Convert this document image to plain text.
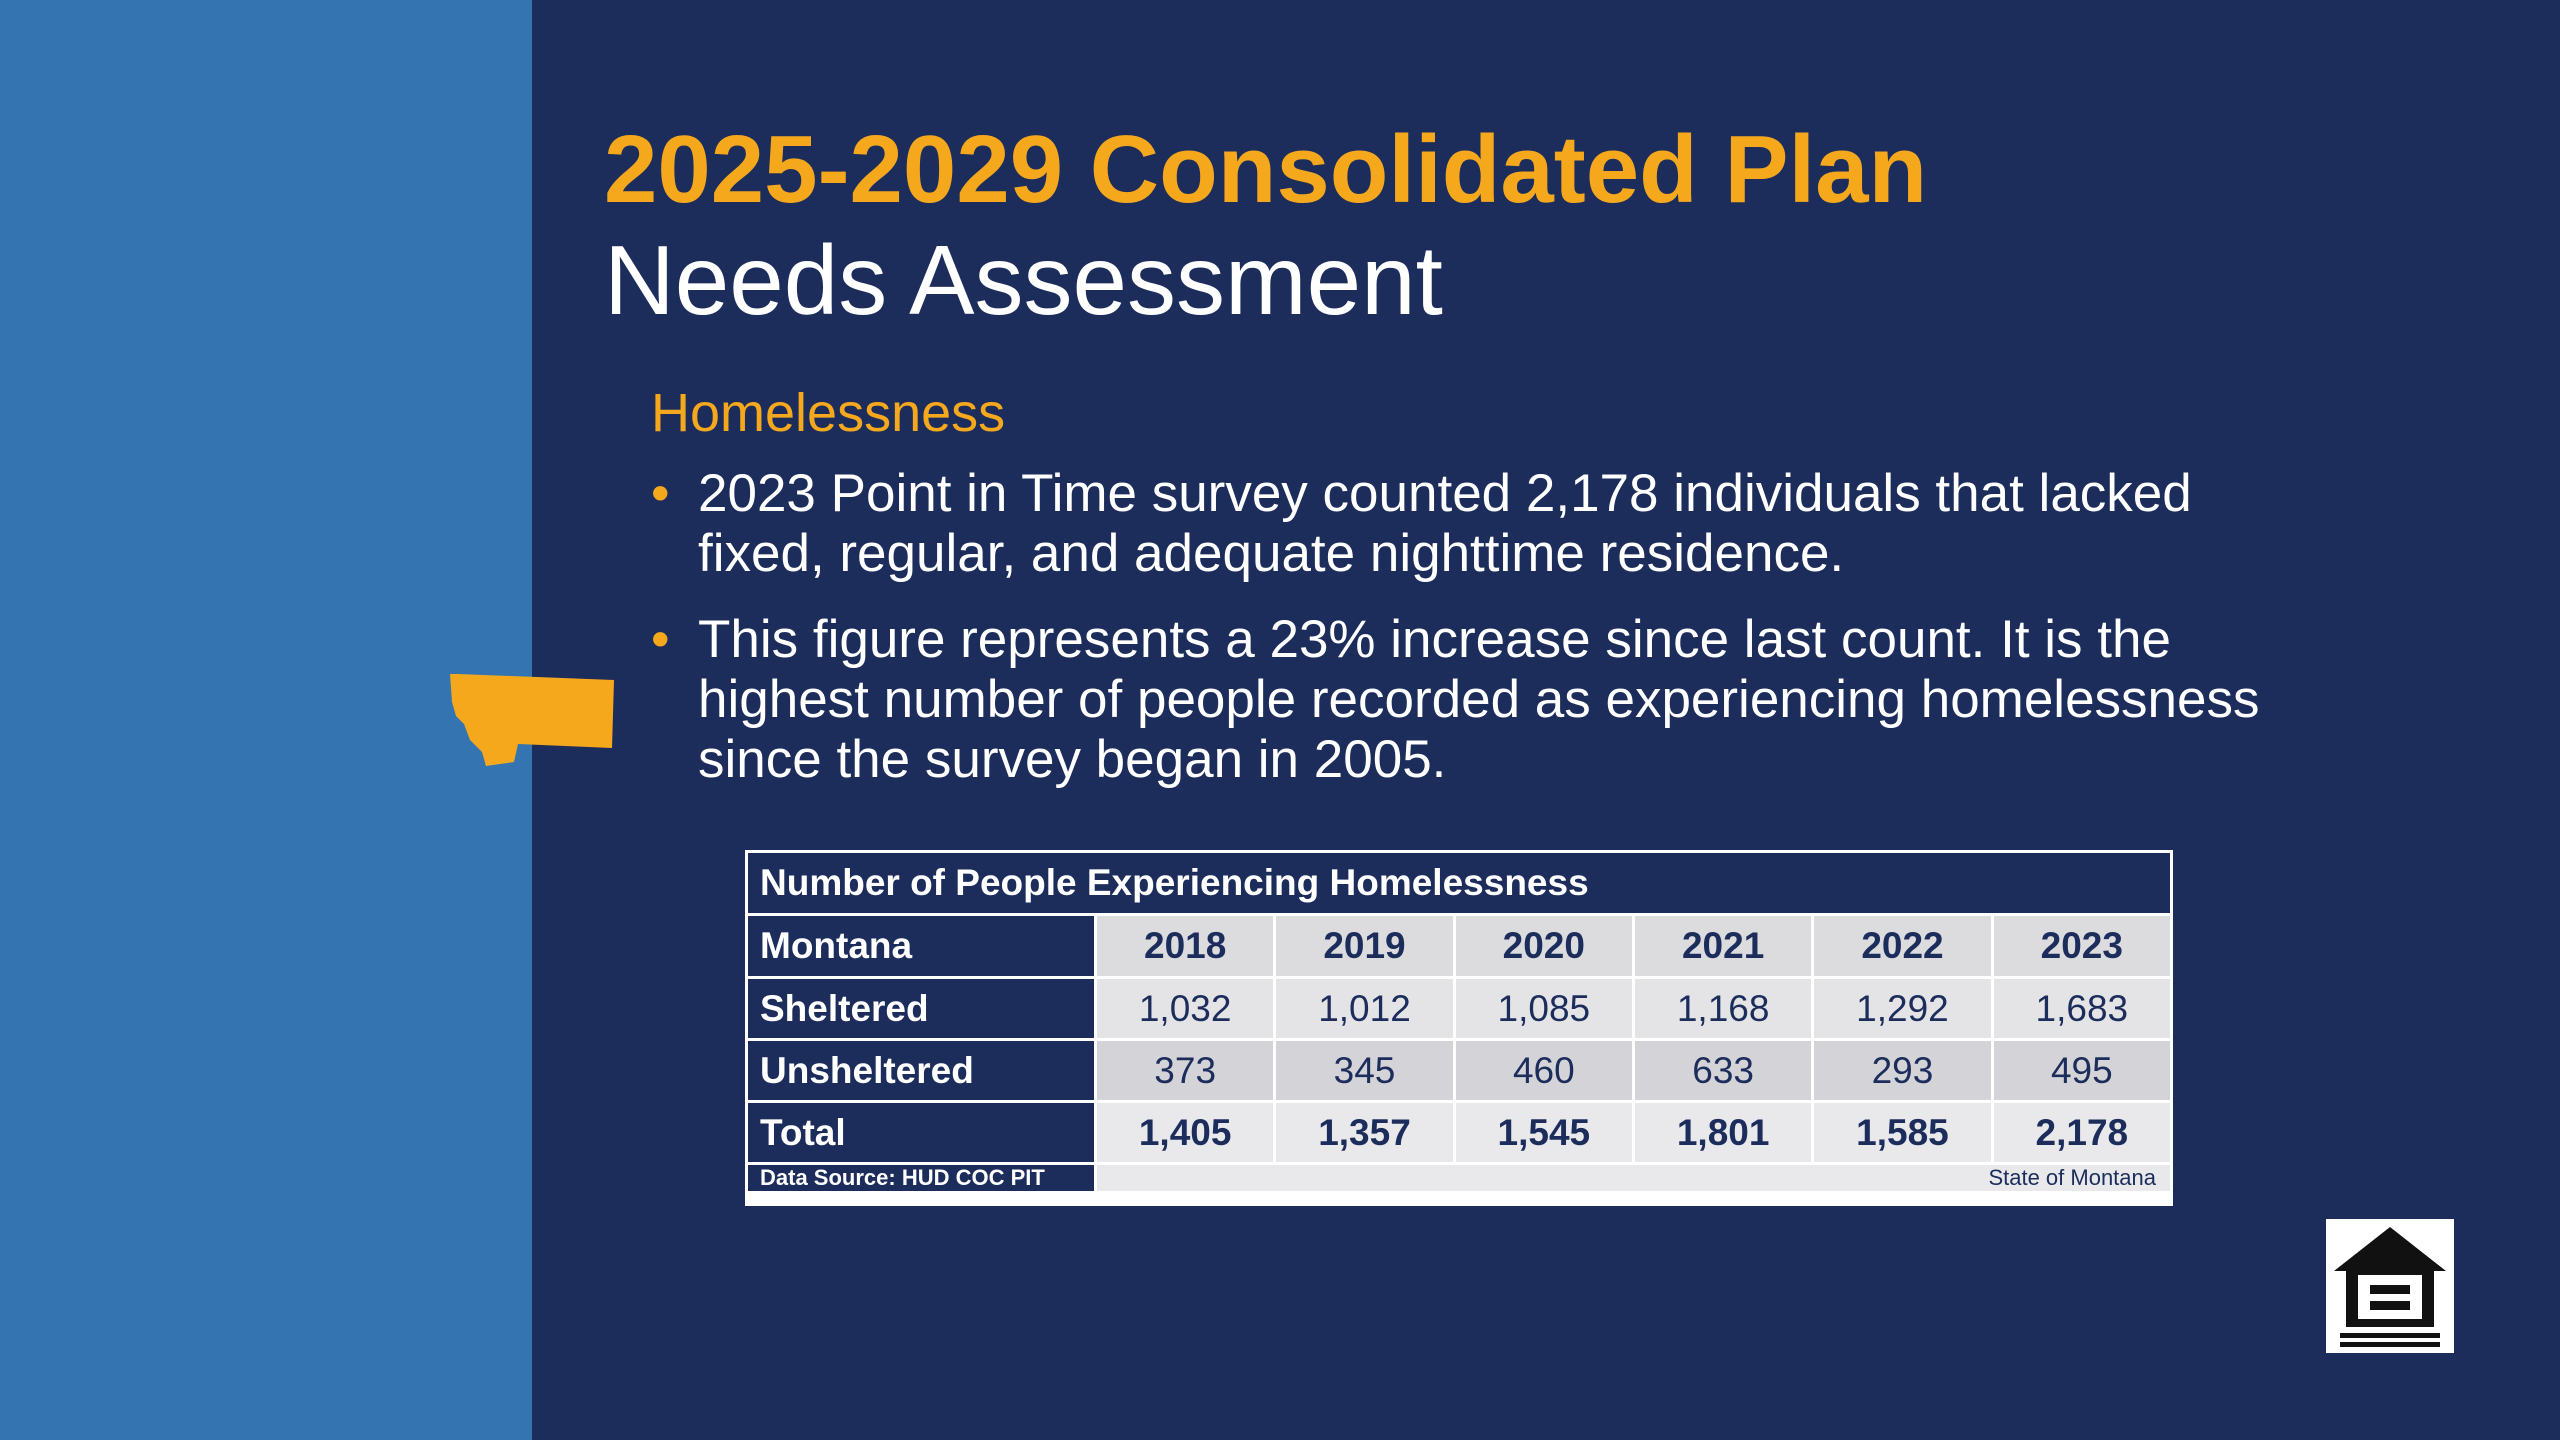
2025-2029 Consolidated Plan
Needs Assessment
Homelessness
• 2023 Point in Time survey counted 2,178 individuals that lacked fixed, regular, and adequate nighttime residence.
• This figure represents a 23% increase since last count. It is the highest number of people recorded as experiencing homelessness since the survey began in 2005.
Number of People Experiencing Homelessness						
Montana	2018	2019	2020	2021	2022	2023
Sheltered	1,032	1,012	1,085	1,168	1,292	1,683
Unsheltered	373	345	460	633	293	495
Total	1,405	1,357	1,545	1,801	1,585	2,178
Data Source: HUD COC PIT	State of Montana					
